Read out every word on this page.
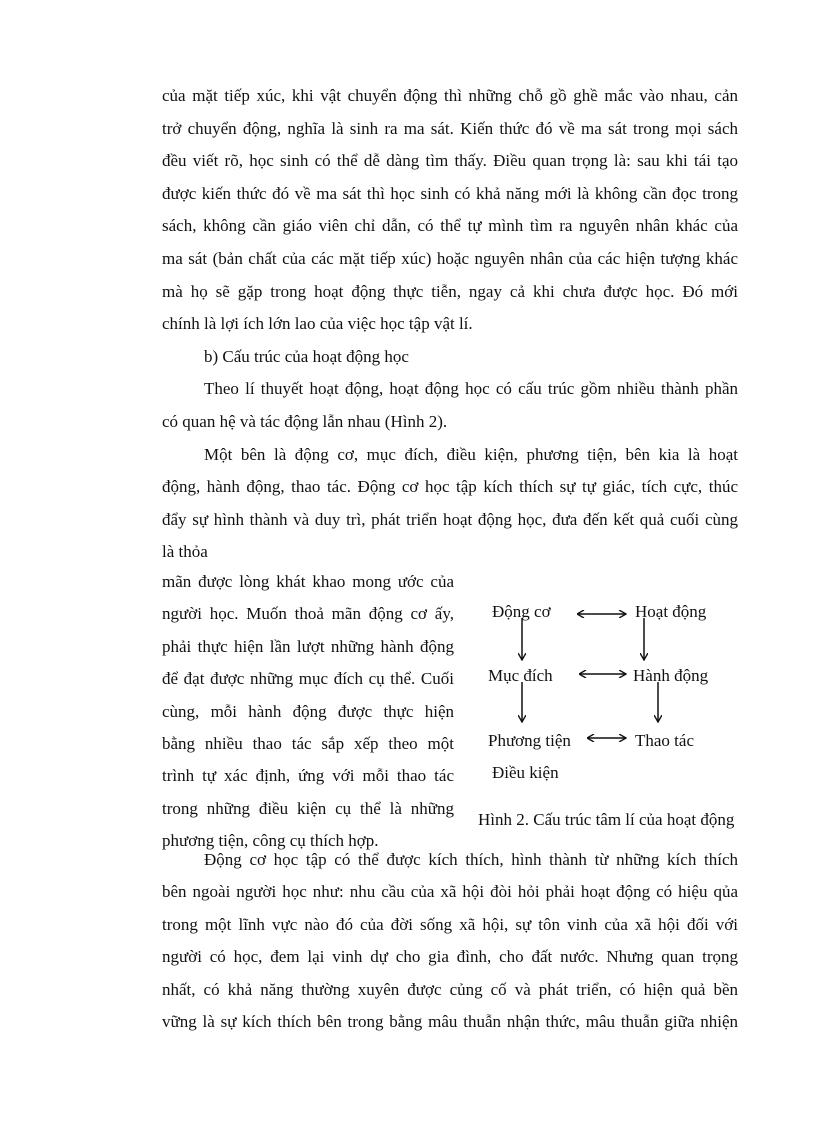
của mặt tiếp xúc, khi vật chuyển động thì những chỗ gồ ghề mắc vào nhau, cản
trở chuyển động, nghĩa là sinh ra ma sát. Kiến thức đó về ma sát trong mọi sách
đều viết rõ, học sinh có thể dễ dàng tìm thấy. Điều quan trọng là: sau khi tái tạo
được kiến thức đó về ma sát thì học sinh có khả năng mới là không cần đọc trong
sách, không cần giáo viên chỉ dẫn, có thể tự mình tìm ra nguyên nhân khác của
ma sát (bản chất của các mặt tiếp xúc) hoặc nguyên nhân của các hiện tượng khác
mà họ sẽ gặp trong hoạt động thực tiễn, ngay cả khi chưa được học. Đó mới
chính là lợi ích lớn lao của việc học tập vật lí.
b) Cấu trúc của hoạt động học
Theo lí thuyết hoạt động, hoạt động học có cấu trúc gồm nhiều thành phần
có quan hệ và tác động lẫn nhau (Hình 2).
Một bên là động cơ, mục đích, điều kiện, phương tiện, bên kia là hoạt
động, hành động, thao tác. Động cơ học tập kích thích sự tự giác, tích cực, thúc
đẩy sự hình thành và duy trì, phát triển hoạt động học, đưa đến kết quả cuối cùng
là thỏa
mãn được lòng khát khao mong ước của
người học. Muốn thoả mãn động cơ ấy,
phải thực hiện lần lượt những hành động
để đạt được những mục đích cụ thể. Cuối
cùng, mỗi hành động được thực hiện
bằng nhiều thao tác sắp xếp theo một
trình tự xác định, ứng với mỗi thao tác
trong những điều kiện cụ thể là những
phương tiện, công cụ thích hợp.
Động cơ
Mục đích
Phương tiện
Điều kiện
Hoạt động
Hành động
Thao tác
Hình 2. Cấu trúc tâm lí của hoạt động
Động cơ học tập có thể được kích thích, hình thành từ những kích thích
bên ngoài người học như: nhu cầu của xã hội đòi hỏi phải hoạt động có hiệu qủa
trong một lĩnh vực nào đó của đời sống xã hội, sự tôn vinh của xã hội đối với
người có học, đem lại vinh dự cho gia đình, cho đất nước. Nhưng quan trọng
nhất, có khả năng thường xuyên được củng cố và phát triển, có hiện quả bền
vững là sự kích thích bên trong bằng mâu thuẫn nhận thức, mâu thuẫn giữa nhiện
